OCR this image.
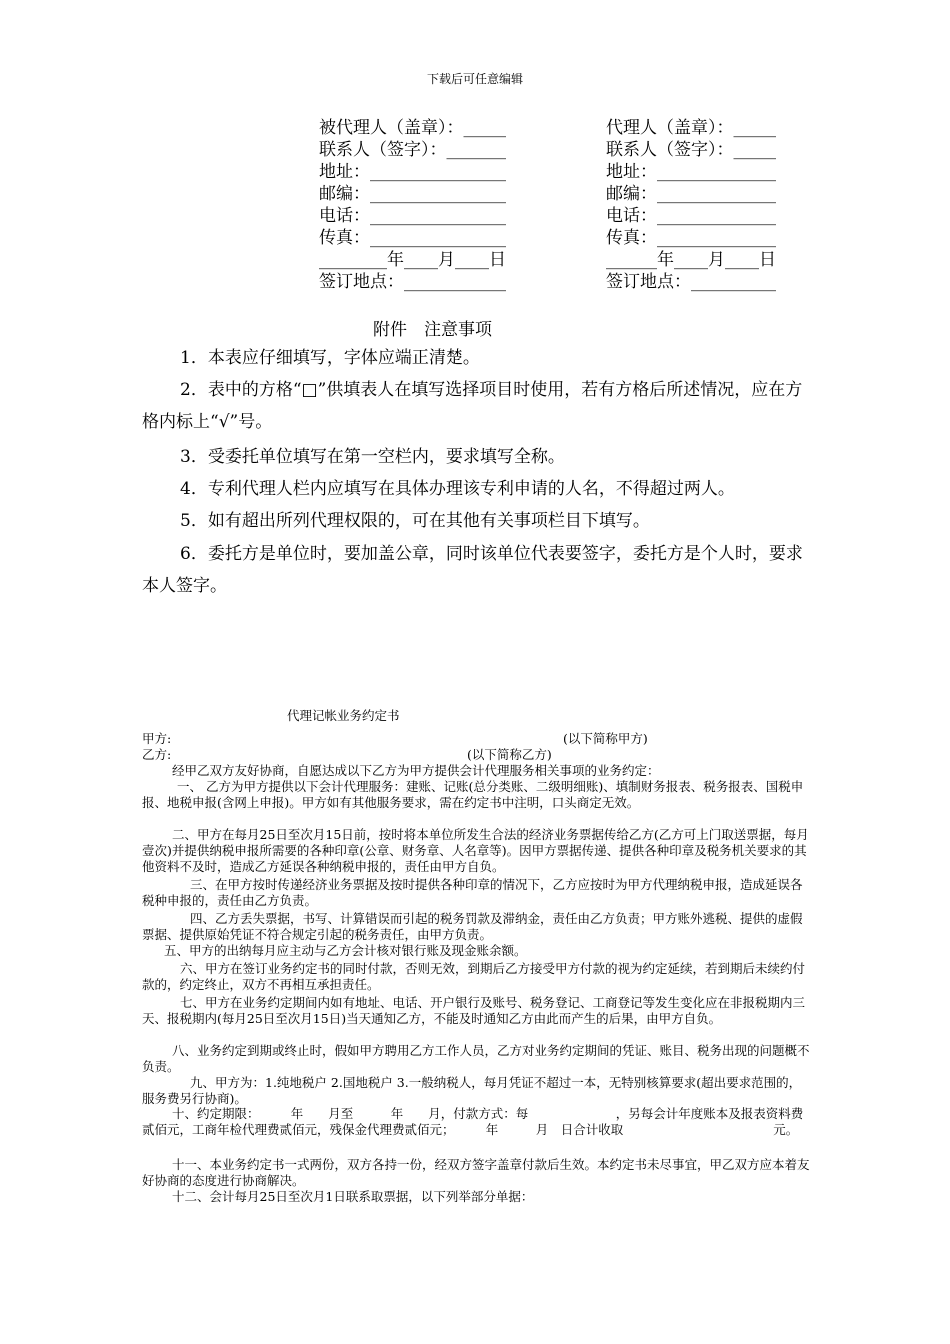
下载后可任意编辑
被代理人（盖章）：_____
联系人（签字）：_______
地址：________________
邮编：________________
电话：________________
传真：________________
________年____月____日
签订地点：____________
代理人（盖章）：_____
联系人（签字）：_____
地址：______________
邮编：______________
电话：______________
传真：______________
______年____月____日
签订地点：__________
附件　注意事项
1．本表应仔细填写，字体应端正清楚。
2．表中的方格“□”供填表人在填写选择项目时使用，若有方格后所述情况，应在方格内标上“√”号。
3．受委托单位填写在第一空栏内，要求填写全称。
4．专利代理人栏内应填写在具体办理该专利申请的人名，不得超过两人。
5．如有超出所列代理权限的，可在其他有关事项栏目下填写。
6．委托方是单位时，要加盖公章，同时该单位代表要签字，委托方是个人时，要求本人签字。
代理记帐业务约定书
甲方:	(以下简称甲方)
乙方:	(以下简称乙方)
经甲乙双方友好协商，自愿达成以下乙方为甲方提供会计代理服务相关事项的业务约定：
一、 乙方为甲方提供以下会计代理服务：建账、记账(总分类账、二级明细账)、填制财务报表、税务报表、国税申报、地税申报(含网上申报)。甲方如有其他服务要求，需在约定书中注明，口头商定无效。
二、甲方在每月25日至次月15日前，按时将本单位所发生合法的经济业务票据传给乙方(乙方可上门取送票据，每月壹次)并提供纳税申报所需要的各种印章(公章、财务章、人名章等)。因甲方票据传递、提供各种印章及税务机关要求的其他资料不及时，造成乙方延误各种纳税申报的，责任由甲方自负。
三、在甲方按时传递经济业务票据及按时提供各种印章的情况下，乙方应按时为甲方代理纳税申报，造成延误各税种申报的，责任由乙方负责。
四、乙方丢失票据，书写、计算错误而引起的税务罚款及滞纳金，责任由乙方负责；甲方账外逃税、提供的虚假票据、提供原始凭证不符合规定引起的税务责任，由甲方负责。
五、甲方的出纳每月应主动与乙方会计核对银行账及现金账余额。
六、甲方在签订业务约定书的同时付款，否则无效，到期后乙方接受甲方付款的视为约定延续，若到期后未续约付款的，约定终止，双方不再相互承担责任。
七、甲方在业务约定期间内如有地址、电话、开户银行及账号、税务登记、工商登记等发生变化应在非报税期内三天、报税期内(每月25日至次月15日)当天通知乙方，不能及时通知乙方由此而产生的后果，由甲方自负。
八、业务约定到期或终止时，假如甲方聘用乙方工作人员，乙方对业务约定期间的凭证、账目、税务出现的问题概不负责。
九、甲方为：1.纯地税户 2.国地税户 3.一般纳税人，每月凭证不超过一本，无特别核算要求(超出要求范围的，服务费另行协商)。
十、约定期限：　　　年　　月至　　　年　　月，付款方式：每　　　　　　　，另每会计年度账本及报表资料费贰佰元，工商年检代理费贰佰元，残保金代理费贰佰元；　　　年　　　月　日合计收取　　　　　　　　　　　　元。
十一、本业务约定书一式两份，双方各持一份，经双方签字盖章付款后生效。本约定书未尽事宜，甲乙双方应本着友好协商的态度进行协商解决。
十二、会计每月25日至次月1日联系取票据，以下列举部分单据：
